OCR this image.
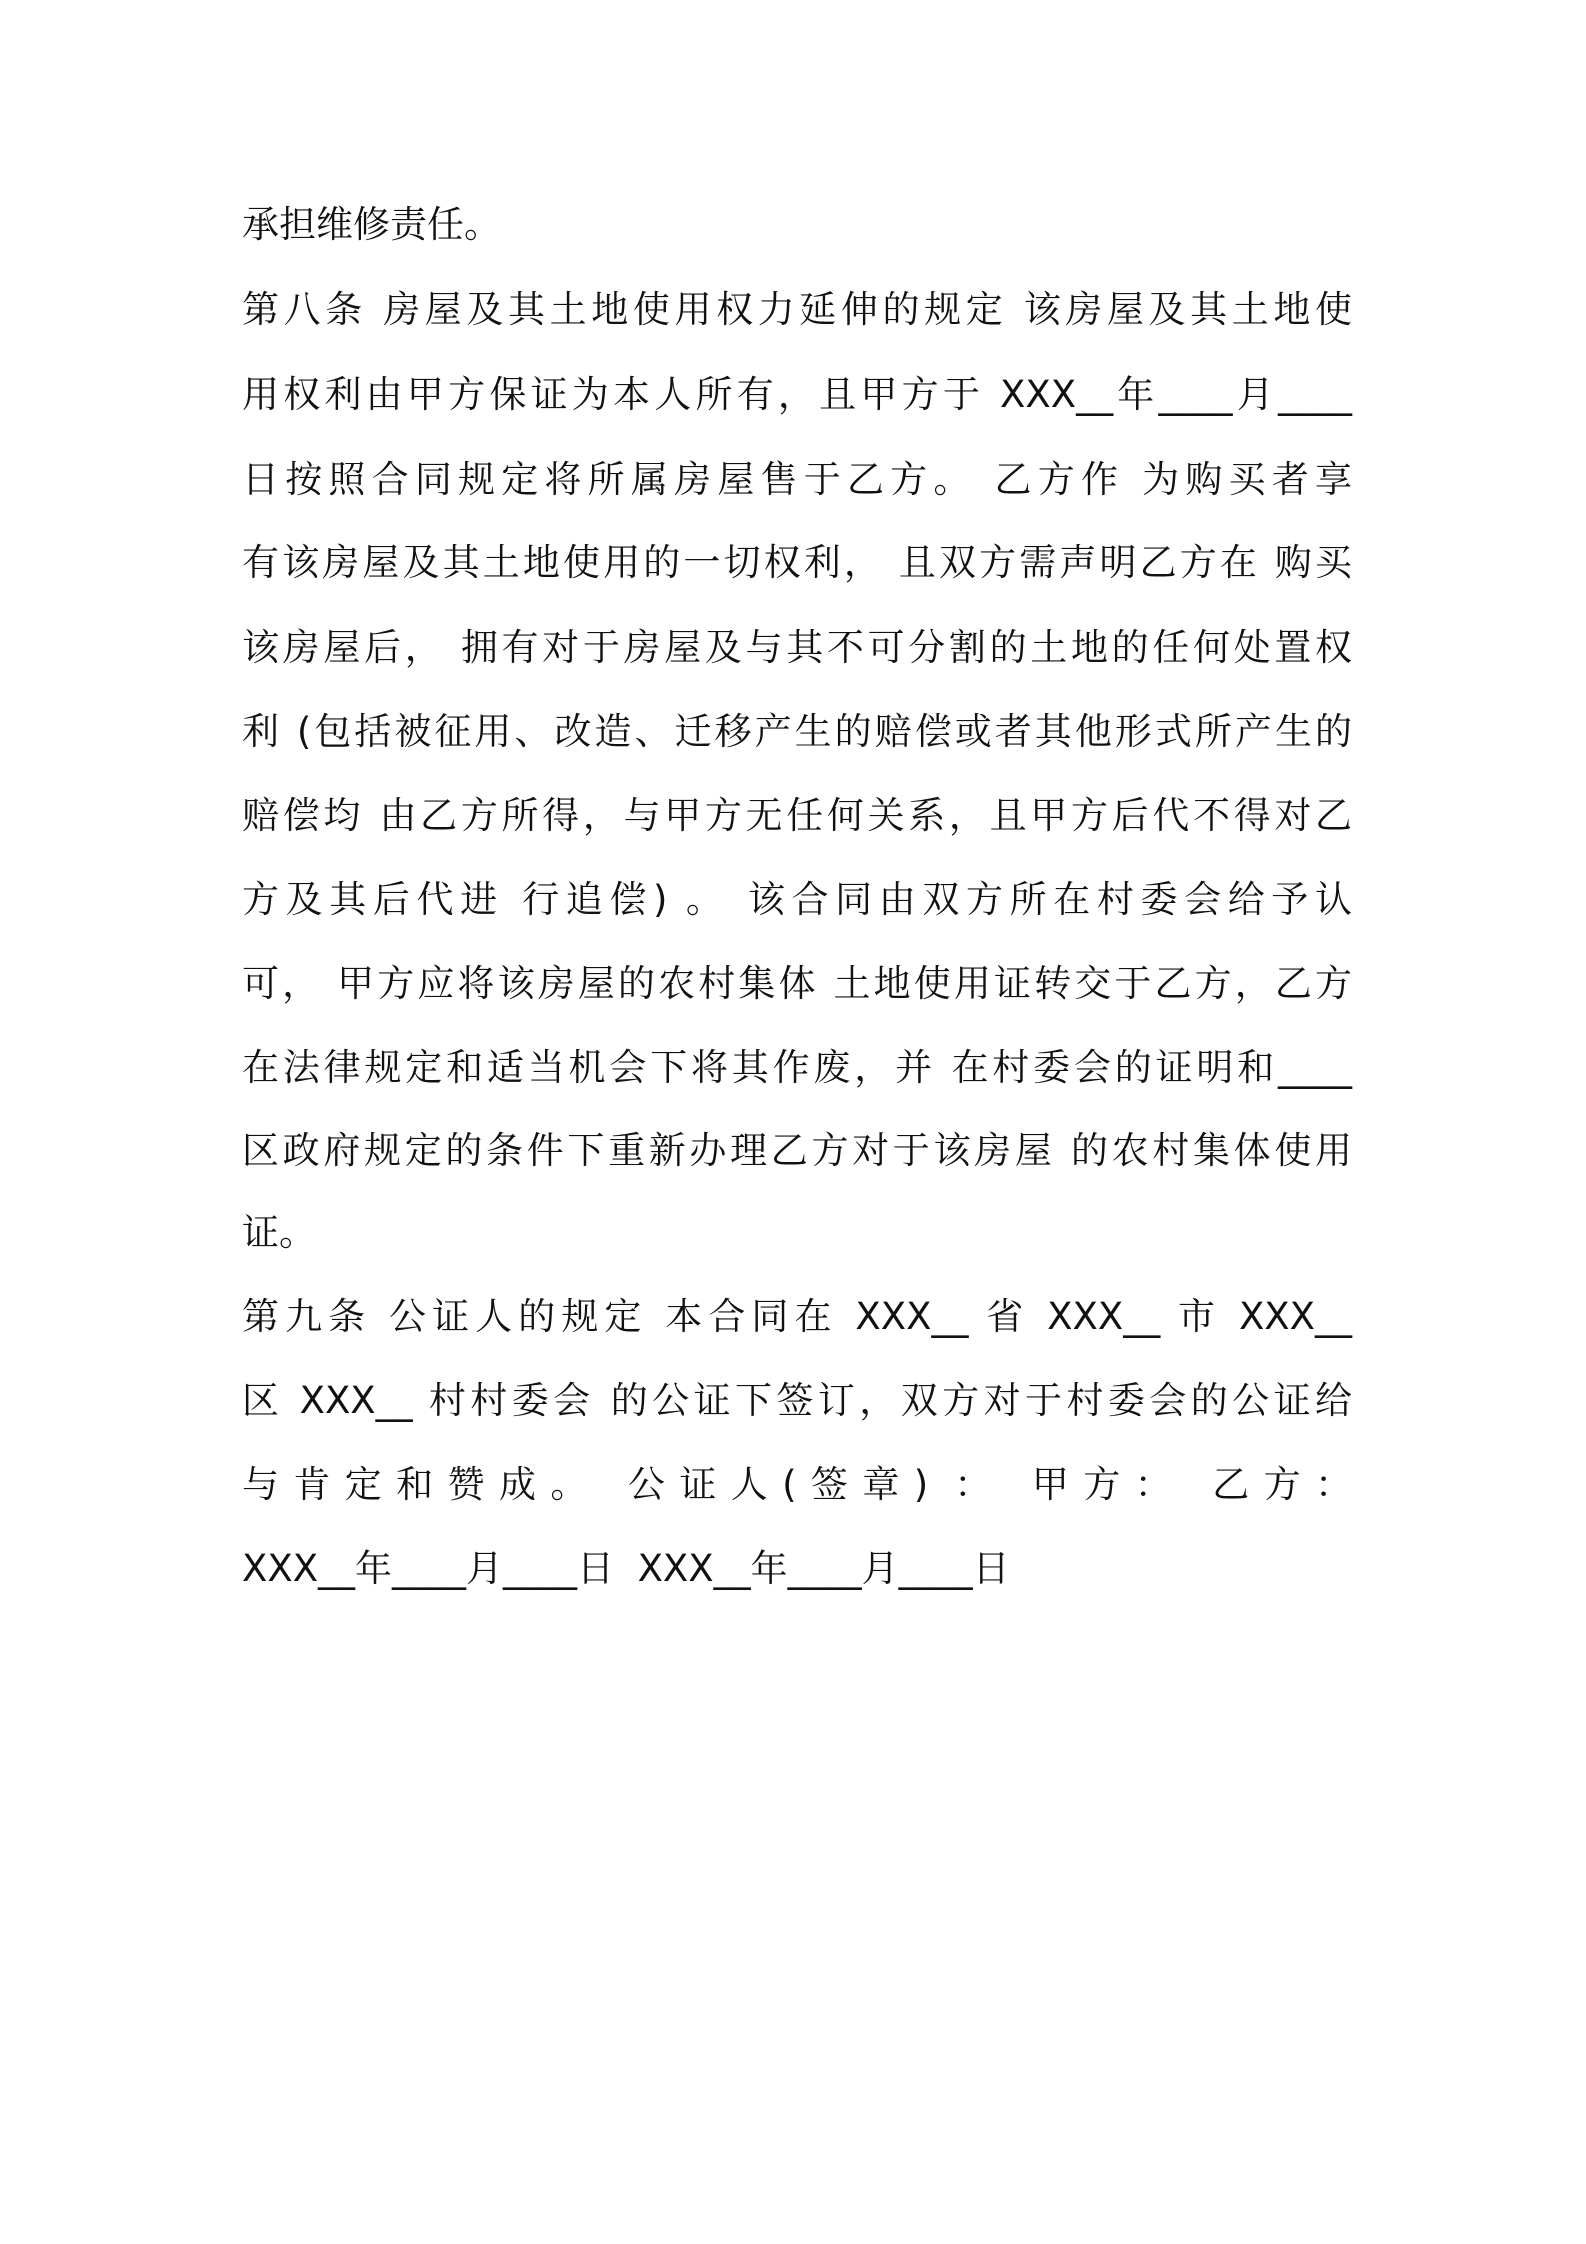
承担维修责任。
第八条 房屋及其土地使用权力延伸的规定 该房屋及其土地使
用权利由甲方保证为本人所有，且甲方于 XXX__年____月____
日按照合同规定将所属房屋售于乙方。 乙方作 为购买者享
有该房屋及其土地使用的一切权利， 且双方需声明乙方在 购买
该房屋后， 拥有对于房屋及与其不可分割的土地的任何处置权
利 (包括被征用、改造、迁移产生的赔偿或者其他形式所产生的
赔偿均 由乙方所得，与甲方无任何关系，且甲方后代不得对乙
方及其后代进 行追偿) 。 该合同由双方所在村委会给予认
可， 甲方应将该房屋的农村集体 土地使用证转交于乙方，乙方
在法律规定和适当机会下将其作废，并 在村委会的证明和____
区政府规定的条件下重新办理乙方对于该房屋 的农村集体使用
证。
第九条 公证人的规定 本合同在 XXX__ 省 XXX__ 市 XXX__
区 XXX__ 村村委会 的公证下签订，双方对于村委会的公证给
与肯定和赞成。 公证人(签章) ： 甲方： 乙方：
XXX__年____月____日  XXX__年____月____日
